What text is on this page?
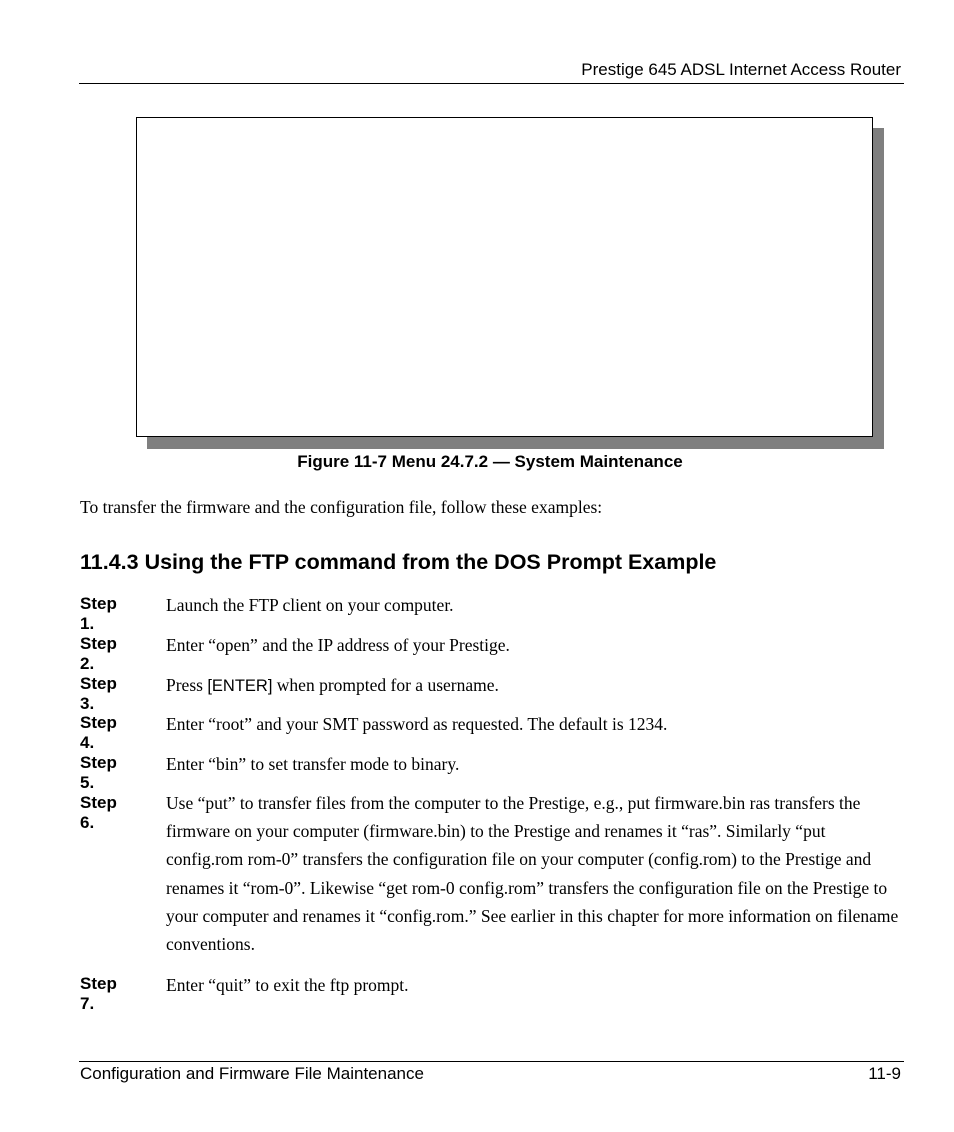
Prestige 645 ADSL Internet Access Router
Figure 11-7 Menu 24.7.2 — System Maintenance
To transfer the firmware and the configuration file, follow these examples:
11.4.3 Using the FTP command from the DOS Prompt Example
Step 1.
Launch the FTP client on your computer.
Step 2.
Enter “open” and the IP address of your Prestige.
Step 3.
Press [ENTER] when prompted for a username.
Step 4.
Enter “root” and your SMT password as requested. The default is 1234.
Step 5.
Enter “bin” to set transfer mode to binary.
Step 6.
Use “put” to transfer files from the computer to the Prestige, e.g., put firmware.bin ras transfers the firmware on your computer (firmware.bin) to the Prestige and renames it “ras”. Similarly “put config.rom rom-0” transfers the configuration file on your computer (config.rom) to the Prestige and renames it “rom-0”. Likewise “get rom-0 config.rom” transfers the configuration file on the Prestige to your computer and renames it “config.rom.” See earlier in this chapter for more information on filename conventions.
Step 7.
Enter “quit” to exit the ftp prompt.
Configuration and Firmware File Maintenance	11-9
